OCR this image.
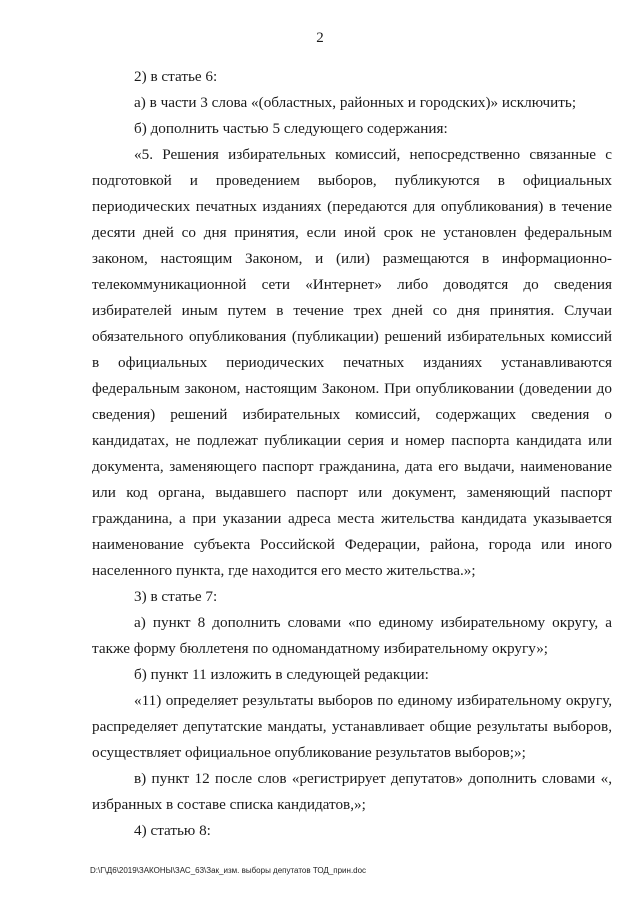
2

2) в статье 6:

а) в части 3 слова «(областных, районных и городских)» исключить;

б) дополнить частью 5 следующего содержания:

«5. Решения избирательных комиссий, непосредственно связанные с подготовкой и проведением выборов, публикуются в официальных периодических печатных изданиях (передаются для опубликования) в течение десяти дней со дня принятия, если иной срок не установлен федеральным законом, настоящим Законом, и (или) размещаются в информационно-телекоммуникационной сети «Интернет» либо доводятся до сведения избирателей иным путем в течение трех дней со дня принятия. Случаи обязательного опубликования (публикации) решений избирательных комиссий в официальных периодических печатных изданиях устанавливаются федеральным законом, настоящим Законом. При опубликовании (доведении до сведения) решений избирательных комиссий, содержащих сведения о кандидатах, не подлежат публикации серия и номер паспорта кандидата или документа, заменяющего паспорт гражданина, дата его выдачи, наименование или код органа, выдавшего паспорт или документ, заменяющий паспорт гражданина, а при указании адреса места жительства кандидата указывается наименование субъекта Российской Федерации, района, города или иного населенного пункта, где находится его место жительства.»;

3) в статье 7:

а) пункт 8 дополнить словами «по единому избирательному округу, а также форму бюллетеня по одномандатному избирательному округу»;

б) пункт 11 изложить в следующей редакции:

«11) определяет результаты выборов по единому избирательному округу, распределяет депутатские мандаты, устанавливает общие результаты выборов, осуществляет официальное опубликование результатов выборов;»;

в) пункт 12 после слов «регистрирует депутатов» дополнить словами «, избранных в составе списка кандидатов,»;

4) статью 8:

D:\Г\Д6\2019\ЗАКОНЫ\ЗАС_63\Зак_изм. выборы депутатов ТОД_прин.doc
